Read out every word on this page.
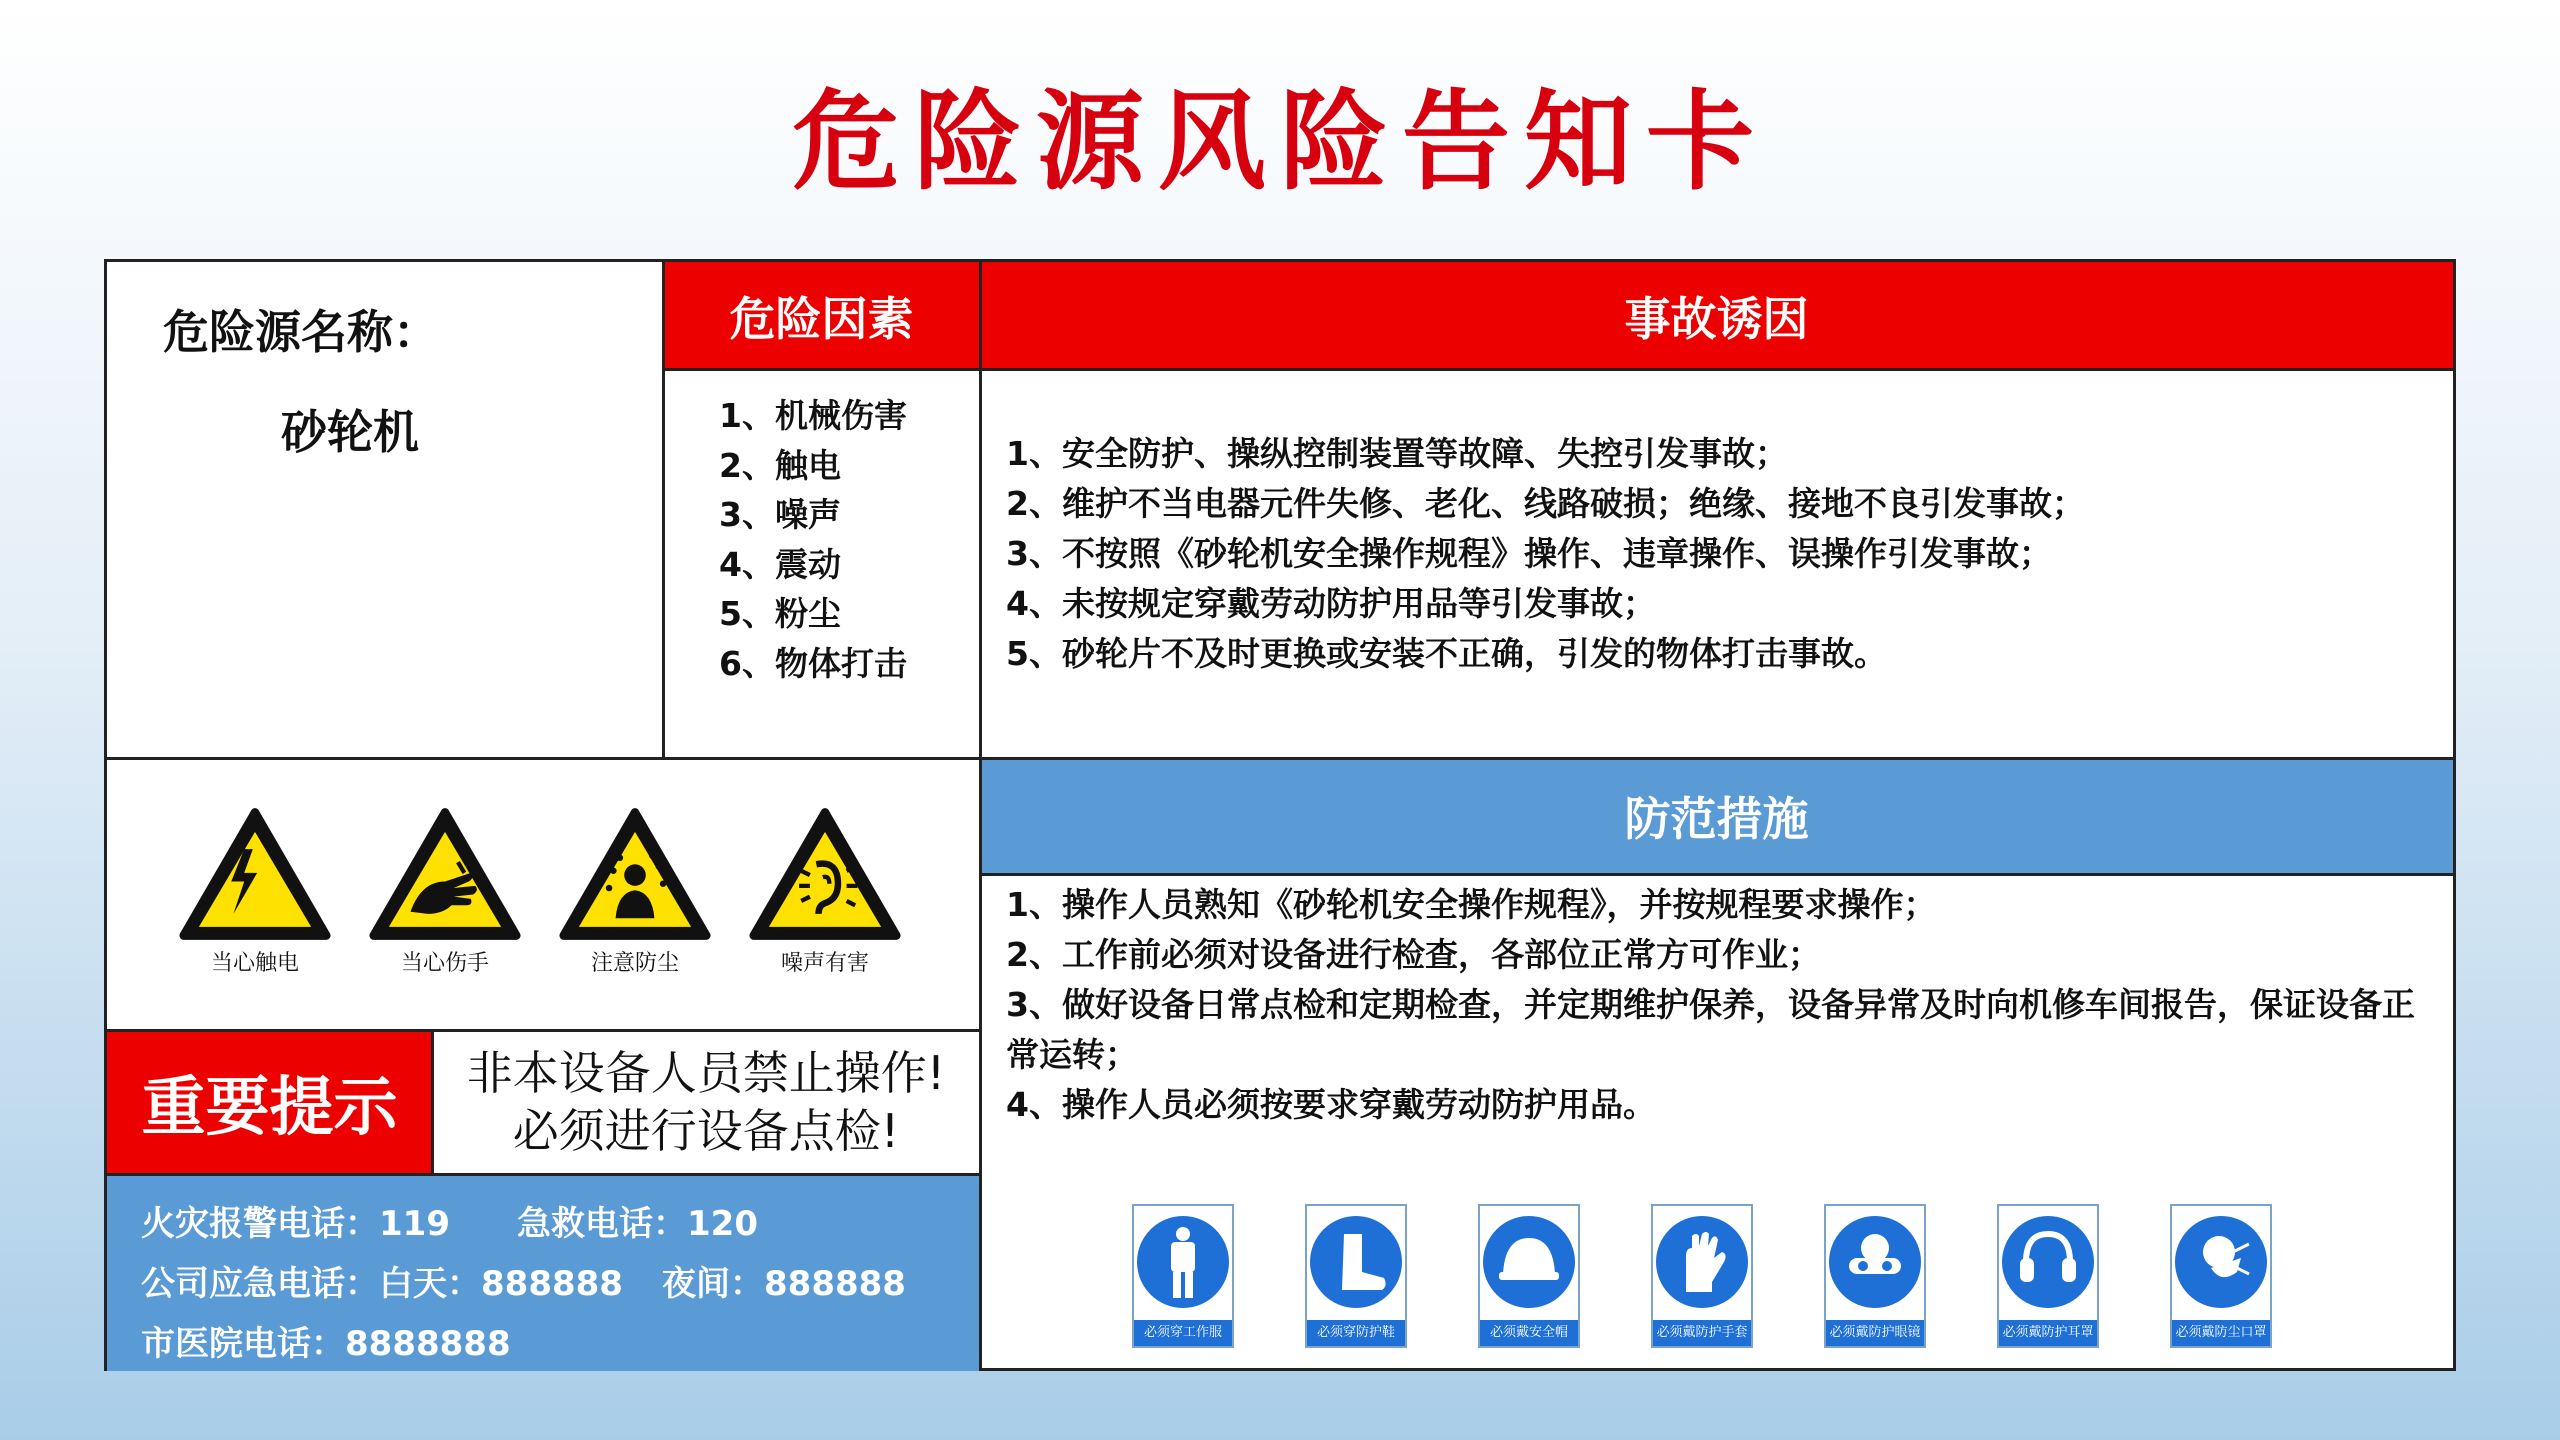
危险源风险告知卡
危险源名称：
砂轮机
危险因素
1、机械伤害
2、触电
3、噪声
4、震动
5、粉尘
6、物体打击
事故诱因
1、安全防护、操纵控制装置等故障、失控引发事故；
2、维护不当电器元件失修、老化、线路破损；绝缘、接地不良引发事故；
3、不按照《砂轮机安全操作规程》操作、违章操作、误操作引发事故；
4、未按规定穿戴劳动防护用品等引发事故；
5、砂轮片不及时更换或安装不正确，引发的物体打击事故。
当心触电	当心伤手	注意防尘	噪声有害
重要提示	非本设备人员禁止操作!
必须进行设备点检!
火灾报警电话：119 急救电话：120
公司应急电话：白天：888888 夜间：888888
市医院电话：8888888
防范措施
1、操作人员熟知《砂轮机安全操作规程》，并按规程要求操作；
2、工作前必须对设备进行检查，各部位正常方可作业；
3、做好设备日常点检和定期检查，并定期维护保养，设备异常及时向机修车间报告，保证设备正常运转；
4、操作人员必须按要求穿戴劳动防护用品。
必须穿工作服	必须穿防护鞋	必须戴安全帽	必须戴防护手套	必须戴防护眼镜	必须戴防护耳罩	必须戴防尘口罩
